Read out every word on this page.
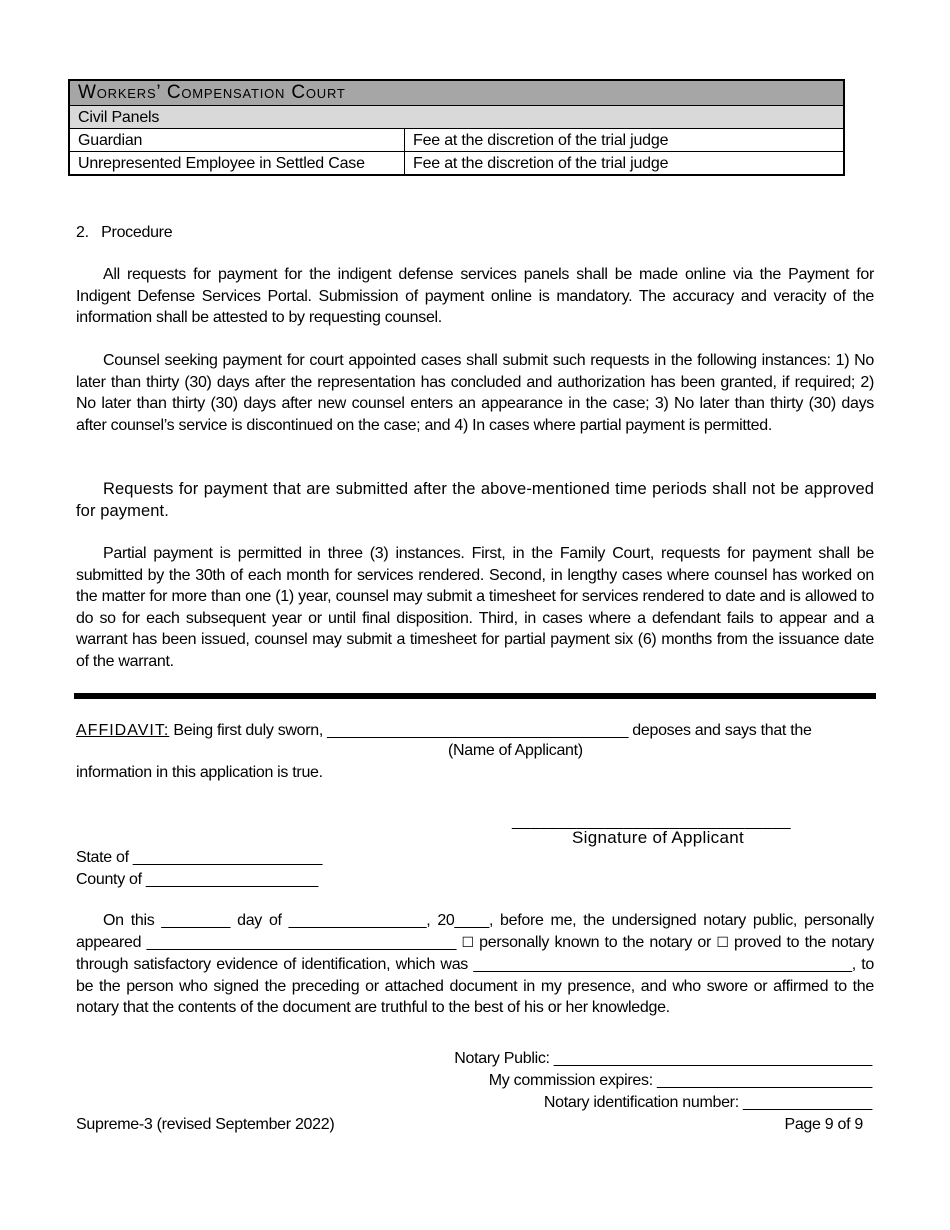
Workers’ Compensation Court	
Civil Panels	
Guardian	Fee at the discretion of the trial judge
Unrepresented Employee in Settled Case	Fee at the discretion of the trial judge
2.   Procedure
All requests for payment for the indigent defense services panels shall be made online via the Payment for Indigent Defense Services Portal. Submission of payment online is mandatory. The accuracy and veracity of the information shall be attested to by requesting counsel.
Counsel seeking payment for court appointed cases shall submit such requests in the following instances: 1) No later than thirty (30) days after the representation has concluded and authorization has been granted, if required; 2) No later than thirty (30) days after new counsel enters an appearance in the case; 3) No later than thirty (30) days after counsel’s service is discontinued on the case; and 4) In cases where partial payment is permitted.
Requests for payment that are submitted after the above-mentioned time periods shall not be approved for payment.
Partial payment is permitted in three (3) instances. First, in the Family Court, requests for payment shall be submitted by the 30th of each month for services rendered. Second, in lengthy cases where counsel has worked on the matter for more than one (1) year, counsel may submit a timesheet for services rendered to date and is allowed to do so for each subsequent year or until final disposition. Third, in cases where a defendant fails to appear and a warrant has been issued, counsel may submit a timesheet for partial payment six (6) months from the issuance date of the warrant.
AFFIDAVIT: Being first duly sworn, ___________________________________ deposes and says that the
(Name of Applicant)
information in this application is true.
______________________________
Signature of Applicant
State of ______________________
County of ____________________
On this ________ day of ________________, 20____, before me, the undersigned notary public, personally appeared ____________________________________ ☐ personally known to the notary or ☐ proved to the notary through satisfactory evidence of identification, which was ____________________________________________, to be the person who signed the preceding or attached document in my presence, and who swore or affirmed to the notary that the contents of the document are truthful to the best of his or her knowledge.
Notary Public: _____________________________________
My commission expires: _________________________
Notary identification number: _______________
Supreme-3 (revised September 2022)	Page 9 of 9
